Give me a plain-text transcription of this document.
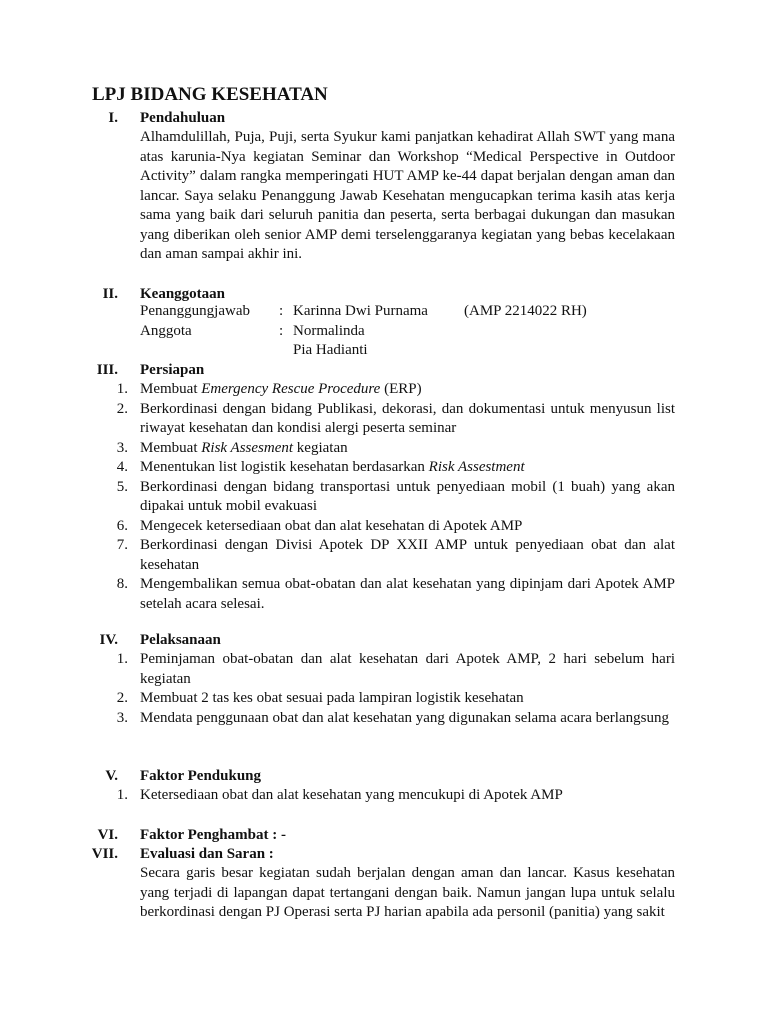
LPJ BIDANG KESEHATAN
I. Pendahuluan

Alhamdulillah, Puja, Puji, serta Syukur kami panjatkan kehadirat Allah SWT yang mana atas karunia-Nya kegiatan Seminar dan Workshop “Medical Perspective in Outdoor Activity” dalam rangka memperingati HUT AMP ke-44 dapat berjalan dengan aman dan lancar. Saya selaku Penanggung Jawab Kesehatan mengucapkan terima kasih atas kerja sama yang baik dari seluruh panitia dan peserta, serta berbagai dukungan dan masukan yang diberikan oleh senior AMP demi terselenggaranya kegiatan yang bebas kecelakaan dan aman sampai akhir ini.

II. Keanggotaan
Penanggungjawab : Karinna Dwi Purnama (AMP 2214022 RH)
Anggota	: Normalinda
Pia Hadianti
III. Persiapan
1. Membuat Emergency Rescue Procedure (ERP)
2. Berkordinasi dengan bidang Publikasi, dekorasi, dan dokumentasi untuk menyusun list riwayat kesehatan dan kondisi alergi peserta seminar
3. Membuat Risk Assesment kegiatan
4. Menentukan list logistik kesehatan berdasarkan Risk Assestment
5. Berkordinasi dengan bidang transportasi untuk penyediaan mobil (1 buah) yang akan dipakai untuk mobil evakuasi
6. Mengecek ketersediaan obat dan alat kesehatan di Apotek AMP
7. Berkordinasi dengan Divisi Apotek DP XXII AMP untuk penyediaan obat dan alat kesehatan
8. Mengembalikan semua obat-obatan dan alat kesehatan yang dipinjam dari Apotek AMP setelah acara selesai.
IV. Pelaksanaan
1. Peminjaman obat-obatan dan alat kesehatan dari Apotek AMP, 2 hari sebelum hari kegiatan
2. Membuat 2 tas kes obat sesuai pada lampiran logistik kesehatan
3. Mendata penggunaan obat dan alat kesehatan yang digunakan selama acara berlangsung
V. Faktor Pendukung
1. Ketersediaan obat dan alat kesehatan yang mencukupi di Apotek AMP
VI. Faktor Penghambat : -
VII. Evaluasi dan Saran :

Secara garis besar kegiatan sudah berjalan dengan aman dan lancar. Kasus kesehatan yang terjadi di lapangan dapat tertangani dengan baik. Namun jangan lupa untuk selalu berkordinasi dengan PJ Operasi serta PJ harian apabila ada personil (panitia) yang sakit
